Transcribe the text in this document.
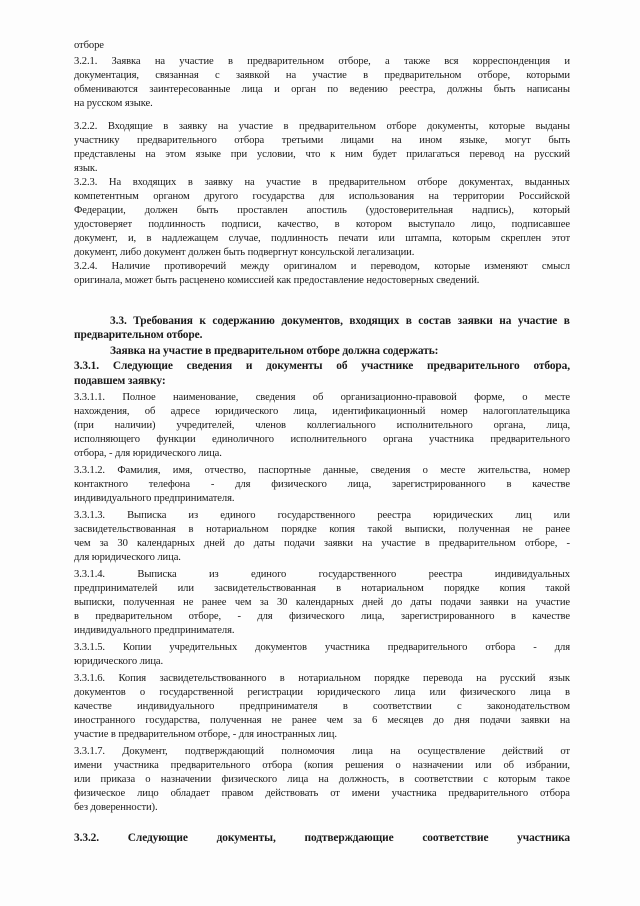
отборе
3.2.1. Заявка на участие в предварительном отборе, а также вся корреспонденция и
документация, связанная с заявкой на участие в предварительном отборе, которыми
обмениваются заинтересованные лица и орган по ведению реестра, должны быть написаны
на русском языке.
3.2.2. Входящие в заявку на участие в предварительном отборе документы, которые выданы
участнику предварительного отбора третьими лицами на ином языке, могут быть
представлены на этом языке при условии, что к ним будет прилагаться перевод на русский
язык.
3.2.3. На входящих в заявку на участие в предварительном отборе документах, выданных
компетентным органом другого государства для использования на территории Российской
Федерации, должен быть проставлен апостиль (удостоверительная надпись), который
удостоверяет подлинность подписи, качество, в котором выступало лицо, подписавшее
документ, и, в надлежащем случае, подлинность печати или штампа, которым скреплен этот
документ, либо документ должен быть подвергнут консульской легализации.
3.2.4. Наличие противоречий между оригиналом и переводом, которые изменяют смысл
оригинала, может быть расценено комиссией как предоставление недостоверных сведений.
3.3. Требования к содержанию документов, входящих в состав заявки на участие в
предварительном отборе.
Заявка на участие в предварительном отборе должна содержать:
3.3.1. Следующие сведения и документы об участнике предварительного отбора,
подавшем заявку:
3.3.1.1. Полное наименование, сведения об организационно-правовой форме, о месте
нахождения, об адресе юридического лица, идентификационный номер налогоплательщика
(при наличии) учредителей, членов коллегиального исполнительного органа, лица,
исполняющего функции единоличного исполнительного органа участника предварительного
отбора, - для юридического лица.
3.3.1.2. Фамилия, имя, отчество, паспортные данные, сведения о месте жительства, номер
контактного телефона - для физического лица, зарегистрированного в качестве
индивидуального предпринимателя.
3.3.1.3. Выписка из единого государственного реестра юридических лиц или
засвидетельствованная в нотариальном порядке копия такой выписки, полученная не ранее
чем за 30 календарных дней до даты подачи заявки на участие в предварительном отборе, -
для юридического лица.
3.3.1.4.	Выписка	из	единого	государственного	реестра	индивидуальных
предпринимателей или засвидетельствованная в нотариальном порядке копия такой
выписки, полученная не ранее чем за 30 календарных дней до даты подачи заявки на участие
в предварительном отборе, - для физического лица, зарегистрированного в качестве
индивидуального предпринимателя.
3.3.1.5. Копии учредительных документов участника предварительного отбора - для
юридического лица.
3.3.1.6. Копия засвидетельствованного в нотариальном порядке перевода на русский язык
документов о государственной регистрации юридического лица или физического лица в
качестве индивидуального предпринимателя в соответствии с законодательством
иностранного государства, полученная не ранее чем за 6 месяцев до дня подачи заявки на
участие в предварительном отборе, - для иностранных лиц.
3.3.1.7. Документ, подтверждающий полномочия лица на осуществление действий от
имени участника предварительного отбора (копия решения о назначении или об избрании,
или приказа о назначении физического лица на должность, в соответствии с которым такое
физическое лицо обладает правом действовать от имени участника предварительного отбора
без доверенности).
3.3.2.	Следующие	документы,	подтверждающие	соответствие	участника
